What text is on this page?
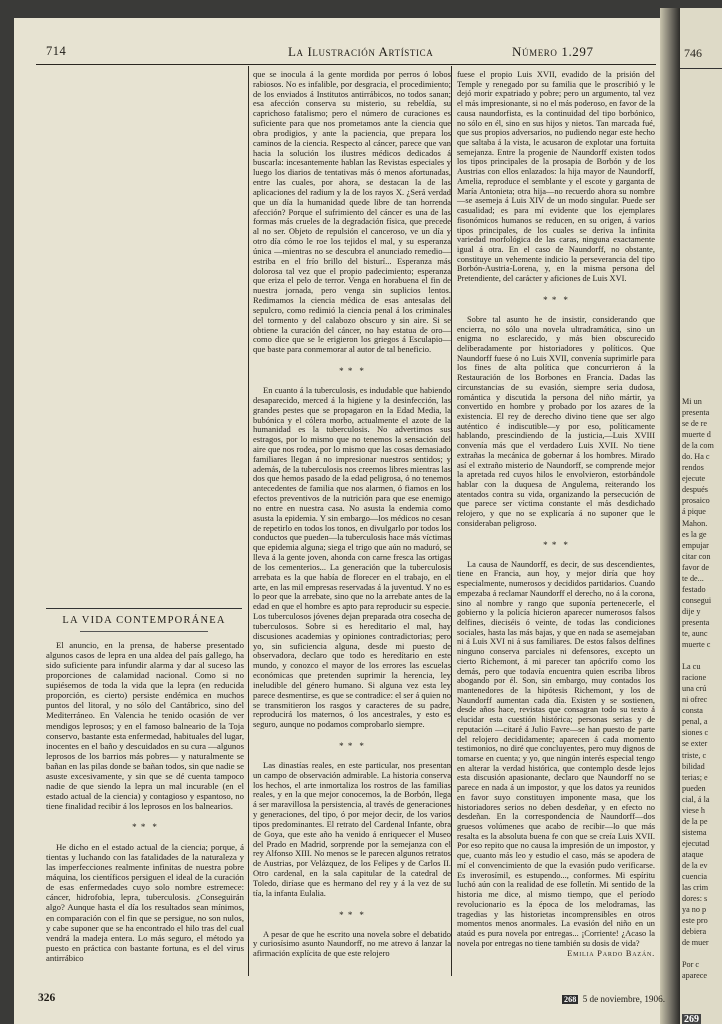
746
Mi un
presenta
se de re
muerte d
de la com
do. Ha c
rendos
ejecute
después
prosaico
á pique
Mahon.
es la ge
empujar
citar con
favor de
te de...
festado
consegui
dije y
presenta
te, aunc
muerte c

La cu
racione
una crú
ni ofrec
consta
penal, a
siones c
se exter
triste, c
bilidad
terias; e
pueden
cial, á la
viese h
de la pe
sistema
ejecutad
ataque
de la ev
cuencia
las crim
dores: s
ya no p
este pro
debiera
de muer

Por c
aparece
269
714	La Ilustración Artística	Número 1.297
LA VIDA CONTEMPORÁNEA

El anuncio, en la prensa, de haberse presentado algunos casos de lepra en una aldea del país gallego, ha sido suficiente para infundir alarma y dar al suceso las proporciones de calamidad nacional. Como si no supiésemos de toda la vida que la lepra (en reducida proporción, es cierto) persiste endémica en muchos puntos del litoral, y no sólo del Cantábrico, sino del Mediterráneo. En Valencia he tenido ocasión de ver mendigos leprosos; y en el famoso balneario de la Toja conservo, bastante esta enfermedad, habituales del lugar, inocentes en el baño y descuidados en su cura —algunos leprosos de los barrios más pobres— y naturalmente se bañan en las pilas donde se bañan todos, sin que nadie se asuste excesivamente, y sin que se dé cuenta tampoco nadie de que siendo la lepra un mal incurable (en el estado actual de la ciencia) y contagioso y espantoso, no tiene finalidad recibir á los leprosos en los balnearios.

* *  *

He dicho en el estado actual de la ciencia; porque, á tientas y luchando con las fatalidades de la naturaleza y las imperfecciones realmente infinitas de nuestra pobre máquina, los científicos persiguen el ideal de la curación de esas enfermedades cuyo solo nombre estremece: cáncer, hidrofobia, lepra, tuberculosis. ¿Conseguirán algo? Aunque hasta el día los resultados sean mínimos, en comparación con el fin que se persigue, no son nulos, y cabe suponer que se ha encontrado el hilo tras del cual vendrá la madeja entera. Lo más seguro, el método ya puesto en práctica con bastante fortuna, es el del virus antirrábico

que se inocula á la gente mordida por perros ó lobos rabiosos. No es infalible, por desgracia, el procedimiento; de los enviados á Institutos antirrábicos, no todos sanan; esa afección conserva su misterio, su rebeldía, su caprichoso fatalismo; pero el número de curaciones es suficiente para que nos prometamos ante la ciencia que obra prodigios, y ante la paciencia, que prepara los caminos de la ciencia. Respecto al cáncer, parece que van hacia la solución los ilustres médicos dedicados á buscarla: incesantemente hablan las Revistas especiales y luego los diarios de tentativas más ó menos afortunadas, entre las cuales, por ahora, se destacan la de las aplicaciones del radium y la de los rayos X. ¿Será verdad que un día la humanidad quede libre de tan horrenda afección? Porque el sufrimiento del cáncer es una de las formas más crueles de la degradación física, que precede al no ser. Objeto de repulsión el canceroso, ve un día y otro día cómo le roe los tejidos el mal, y su esperanza única —mientras no se descubra el anunciado remedio— estriba en el frío brillo del bisturí... Esperanza más dolorosa tal vez que el propio padecimiento; esperanza que eriza el pelo de terror. Venga en horabuena el fin de nuestra jornada, pero venga sin suplicios lentos. Redimamos la ciencia médica de esas antesalas del sepulcro, como redimió la ciencia penal á los criminales del tormento y del calabozo obscuro y sin aire. Si se obtiene la curación del cáncer, no hay estatua de oro—como dice que se le erigieron los griegos á Esculapio—que baste para conmemorar al autor de tal beneficio.

* *  *

En cuanto á la tuberculosis, es indudable que habiendo desaparecido, merced á la higiene y la desinfección, las grandes pestes que se propagaron en la Edad Media, la bubónica y el cólera morbo, actualmente el azote de la humanidad es la tuberculosis. No advertimos sus estragos, por lo mismo que no tenemos la sensación del aire que nos rodea, por lo mismo que las cosas demasiado familiares llegan á no impresionar nuestros sentidos; y además, de la tuberculosis nos creemos libres mientras las dos que hemos pasado de la edad peligrosa, ó no tenemos antecedentes de familia que nos alarmen, ó fiamos en los efectos preventivos de la nutrición para que ese enemigo no entre en nuestra casa. No asusta la endemia como asusta la epidemia. Y sin embargo—los médicos no cesan de repetirlo en todos los tonos, en divulgarlo por todos los conductos que pueden—la tuberculosis hace más víctimas que epidemia alguna; siega el trigo que aún no maduró, se lleva á la gente joven, ahonda con carne fresca las ortigas de los cementerios... La generación que la tuberculosis arrebata es la que había de florecer en el trabajo, en el arte, en las mil empresas reservadas á la juventud. Y no es lo peor que la arrebate, sino que no la arrebate antes de la edad en que el hombre es apto para reproducir su especie. Los tuberculosos jóvenes dejan preparada otra cosecha de tuberculosos. Sobre si es hereditario el mal, hay discusiones academias y opiniones contradictorias; pero yo, sin suficiencia alguna, desde mi puesto de observadora, declaro que todo es heredítario en este mundo, y conozco el mayor de los errores las escuelas económicas que pretenden suprimir la herencia, ley ineludible del género humano. Si alguna vez esta ley parece desmentirse, es que se contradice: el ser á quien no se transmitieron los rasgos y caracteres de su padre, reproducirá los maternos, ó los ancestrales, y esto es seguro, aunque no podamos comprobarlo siempre.

* *  *

Las dinastías reales, en este particular, nos presentan un campo de observación admirable. La historia conserva los hechos, el arte inmortaliza los rostros de las familias reales, y en la que mejor conocemos, la de Borbón, llega á ser maravillosa la persistencia, al través de generaciones y generaciones, del tipo, ó por mejor decir, de los varios tipos predominantes. El retrato del Cardenal Infante, obra de Goya, que este año ha venido á enriquecer el Museo del Prado en Madrid, sorprende por la semejanza con el rey Alfonso XIII. No menos se le parecen algunos retratos de Austrias, por Velázquez, de los Felipes y de Carlos II. Otro cardenal, en la sala capitular de la catedral de Toledo, diríase que es hermano del rey y á la vez de su tía, la infanta Eulalia.

* *  *

A pesar de que he escrito una novela sobre el debatido y curiosísimo asunto Naundorff, no me atrevo á lanzar la afirmación explícita de que este relojero

fuese el propio Luis XVII, evadido de la prisión del Temple y renegado por su familia que le proscribió y le dejó morir expatriado y pobre; pero un argumento, tal vez el más impresionante, si no el más poderoso, en favor de la causa naundorfista, es la continuidad del tipo borbónico, no sólo en él, sino en sus hijos y nietos. Tan marcada fué, que sus propios adversarios, no pudiendo negar este hecho que saltaba á la vista, le acusaron de explotar una fortuita semejanza. Entre la progenie de Naundorff existen todos los tipos principales de la prosapia de Borbón y de los Austrias con ellos enlazados: la hija mayor de Naundorff, Amelia, reproduce el semblante y el escote y garganta de María Antonieta; otra hija—no recuerdo ahora su nombre—se asemeja á Luis XIV de un modo singular. Puede ser casualidad; es para mí evidente que los ejemplares fisonómicos humanos se reducen, en su origen, á varios tipos principales, de los cuales se deriva la infinita variedad morfológica de las caras, ninguna exactamente igual á otra. En el caso de Naundorff, no obstante, constituye un vehemente indicio la perseverancia del tipo Borbón-Austria-Lorena, y, en la misma persona del Pretendiente, del carácter y aficiones de Luis XVI.

* *  *

Sobre tal asunto he de insistir, considerando que encierra, no sólo una novela ultradramática, sino un enigma no esclarecido, y más bien obscurecido deliberadamente por historiadores y políticos. Que Naundorff fuese ó no Luis XVII, convenía suprimirle para los fines de alta política que concurrieron á la Restauración de los Borbones en Francia. Dadas las circunstancias de su evasión, siempre seria dudosa, romántica y discutida la persona del niño mártir, ya convertido en hombre y probado por los azares de la existencia. El rey de derecho divino tiene que ser algo auténtico é indiscutible—y por eso, políticamente hablando, prescindiendo de la justicia,—Luis XVIII convenía más que el verdadero Luis XVII. No tiene extrañas la mecánica de gobernar á los hombres. Mirado así el extraño misterio de Naundorff, se comprende mejor la apretada red cuyos hilos le envolvieron, estorbándole hablar con la duquesa de Angulema, reiterando los atentados contra su vida, organizando la persecución de que parece ser víctima constante el más desdichado relojero, y que no se explicaría á no suponer que le consideraban peligroso.

* *  *

La causa de Naundorff, es decir, de sus descendientes, tiene en Francia, aun hoy, y mejor diría que hoy especialmente, numerosos y decididos partidarios. Cuando empezaba á reclamar Naundorff el derecho, no á la corona, sino al nombre y rango que suponía pertenecerle, el gobierno y la policía hicieron aparecer numerosos falsos delfines, dieciséis ó veinte, de todas las condiciones sociales, hasta las más bajas, y que en nada se asemejaban ni á Luis XVI ni á sus familiares. De estos falsos delfines ninguno conserva parciales ni defensores, excepto un cierto Richemont, á mi parecer tan apócrifo como los demás, pero que todavía encuentra quien escriba libros abogando por él. Son, sin embargo, muy contados los mantenedores de la hipótesis Richemont, y los de Naundorff aumentan cada día. Existen y se sostienen, desde años hace, revistas que consagran todo su texto á elucidar esta cuestión histórica; personas serias y de reputación —citaré á Julio Favre—se han puesto de parte del relojero decididamente; aparecen á cada momento testimonios, no diré que concluyentes, pero muy dignos de tomarse en cuenta; y yo, que ningún interés especial tengo en alterar la verdad histórica, que contemplo desde lejos esta discusión apasionante, declaro que Naundorff no se parece en nada á un impostor, y que los datos ya reunidos en favor suyo constituyen imponente masa, que los historiadores serios no deben desdeñar, y en efecto no desdeñan. En la correspondencia de Naundorff—dos gruesos volúmenes que acabo de recibir—lo que más resalta es la absoluta buena fe con que se creía Luis XVII. Por eso repito que no causa la impresión de un impostor, y que, cuanto más leo y estudio el caso, más se apodera de mí el convencimiento de que la evasión pudo verificarse. Es inverosímil, es estupendo..., conformes. Mi espíritu luchó aún con la realidad de ese folletín. Mi sentido de la historia me dice, al mismo tiempo, que el período revolucionario es la época de los melodramas, las tragedias y las historietas incomprensibles en otros momentos menos anormales. La evasión del niño en un ataúd es pura novela por entregas... ¡Corriente! ¿Acaso la novela por entregas no tiene también su dosis de vida?

Emilia Pardo Bazán.
326	268 5 de noviembre, 1906.
